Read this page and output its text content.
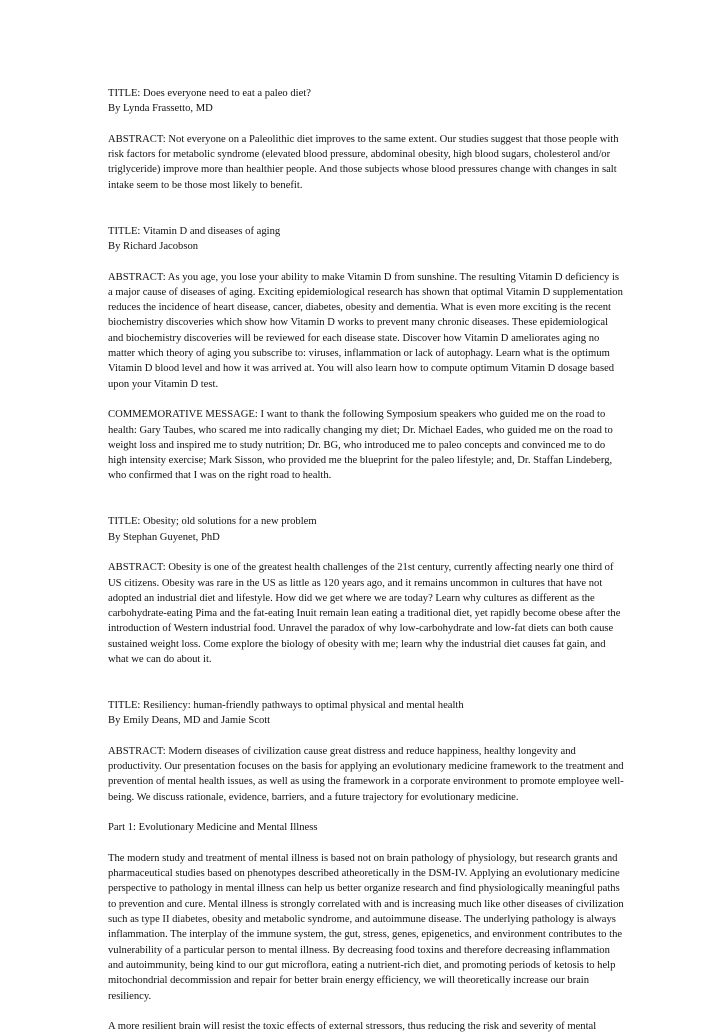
TITLE: Does everyone need to eat a paleo diet?

By Lynda Frassetto, MD

ABSTRACT: Not everyone on a Paleolithic diet improves to the same extent. Our studies suggest that those people with risk factors for metabolic syndrome (elevated blood pressure, abdominal obesity, high blood sugars, cholesterol and/or triglyceride) improve more than healthier people. And those subjects whose blood pressures change with changes in salt intake seem to be those most likely to benefit.

TITLE: Vitamin D and diseases of aging

By Richard Jacobson

ABSTRACT: As you age, you lose your ability to make Vitamin D from sunshine. The resulting Vitamin D deficiency is a major cause of diseases of aging. Exciting epidemiological research has shown that optimal Vitamin D supplementation reduces the incidence of heart disease, cancer, diabetes, obesity and dementia. What is even more exciting is the recent biochemistry discoveries which show how Vitamin D works to prevent many chronic diseases. These epidemiological and biochemistry discoveries will be reviewed for each disease state. Discover how Vitamin D ameliorates aging no matter which theory of aging you subscribe to: viruses, inflammation or lack of autophagy. Learn what is the optimum Vitamin D blood level and how it was arrived at. You will also learn how to compute optimum Vitamin D dosage based upon your Vitamin D test.

COMMEMORATIVE MESSAGE: I want to thank the following Symposium speakers who guided me on the road to health: Gary Taubes, who scared me into radically changing my diet; Dr. Michael Eades, who guided me on the road to weight loss and inspired me to study nutrition; Dr. BG, who introduced me to paleo concepts and convinced me to do high intensity exercise; Mark Sisson, who provided me the blueprint for the paleo lifestyle; and, Dr. Staffan Lindeberg, who confirmed that I was on the right road to health.

TITLE: Obesity; old solutions for a new problem

By Stephan Guyenet, PhD

ABSTRACT: Obesity is one of the greatest health challenges of the 21st century, currently affecting nearly one third of US citizens. Obesity was rare in the US as little as 120 years ago, and it remains uncommon in cultures that have not adopted an industrial diet and lifestyle. How did we get where we are today? Learn why cultures as different as the carbohydrate-eating Pima and the fat-eating Inuit remain lean eating a traditional diet, yet rapidly become obese after the introduction of Western industrial food. Unravel the paradox of why low-carbohydrate and low-fat diets can both cause sustained weight loss. Come explore the biology of obesity with me; learn why the industrial diet causes fat gain, and what we can do about it.

TITLE: Resiliency: human-friendly pathways to optimal physical and mental health

By Emily Deans, MD and Jamie Scott

ABSTRACT: Modern diseases of civilization cause great distress and reduce happiness, healthy longevity and productivity. Our presentation focuses on the basis for applying an evolutionary medicine framework to the treatment and prevention of mental health issues, as well as using the framework in a corporate environment to promote employee well-being. We discuss rationale, evidence, barriers, and a future trajectory for evolutionary medicine.

Part 1: Evolutionary Medicine and Mental Illness

The modern study and treatment of mental illness is based not on brain pathology of physiology, but research grants and pharmaceutical studies based on phenotypes described atheoretically in the DSM-IV. Applying an evolutionary medicine perspective to pathology in mental illness can help us better organize research and find physiologically meaningful paths to prevention and cure. Mental illness is strongly correlated with and is increasing much like other diseases of civilization such as type II diabetes, obesity and metabolic syndrome, and autoimmune disease. The underlying pathology is always inflammation. The interplay of the immune system, the gut, stress, genes, epigenetics, and environment contributes to the vulnerability of a particular person to mental illness. By decreasing food toxins and therefore decreasing inflammation and autoimmunity, being kind to our gut microflora, eating a nutrient-rich diet, and promoting periods of ketosis to help mitochondrial decommission and repair for better brain energy efficiency, we will theoretically increase our brain resiliency.

A more resilient brain will resist the toxic effects of external stressors, thus reducing the risk and severity of mental
